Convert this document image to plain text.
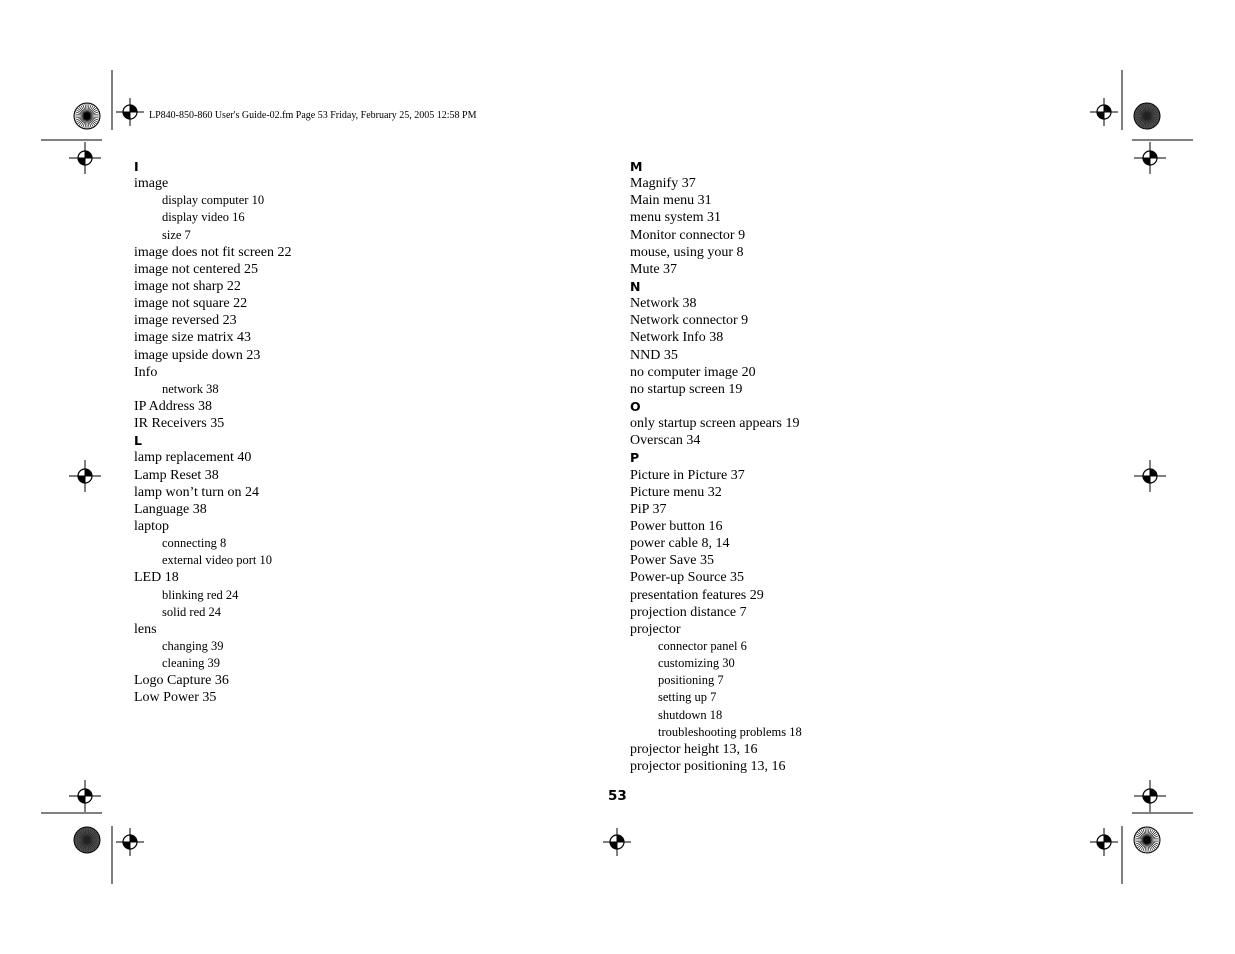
LP840-850-860 User's Guide-02.fm Page 53 Friday, February 25, 2005 12:58 PM
I
image
display computer 10
display video 16
size 7
image does not fit screen 22
image not centered 25
image not sharp 22
image not square 22
image reversed 23
image size matrix 43
image upside down 23
Info
network 38
IP Address 38
IR Receivers 35
L
lamp replacement 40
Lamp Reset 38
lamp won’t turn on 24
Language 38
laptop
connecting 8
external video port 10
LED 18
blinking red 24
solid red 24
lens
changing 39
cleaning 39
Logo Capture 36
Low Power 35
M
Magnify 37
Main menu 31
menu system 31
Monitor connector 9
mouse, using your 8
Mute 37
N
Network 38
Network connector 9
Network Info 38
NND 35
no computer image 20
no startup screen 19
O
only startup screen appears 19
Overscan 34
P
Picture in Picture 37
Picture menu 32
PiP 37
Power button 16
power cable 8, 14
Power Save 35
Power-up Source 35
presentation features 29
projection distance 7
projector
connector panel 6
customizing 30
positioning 7
setting up 7
shutdown 18
troubleshooting problems 18
projector height 13, 16
projector positioning 13, 16
53
